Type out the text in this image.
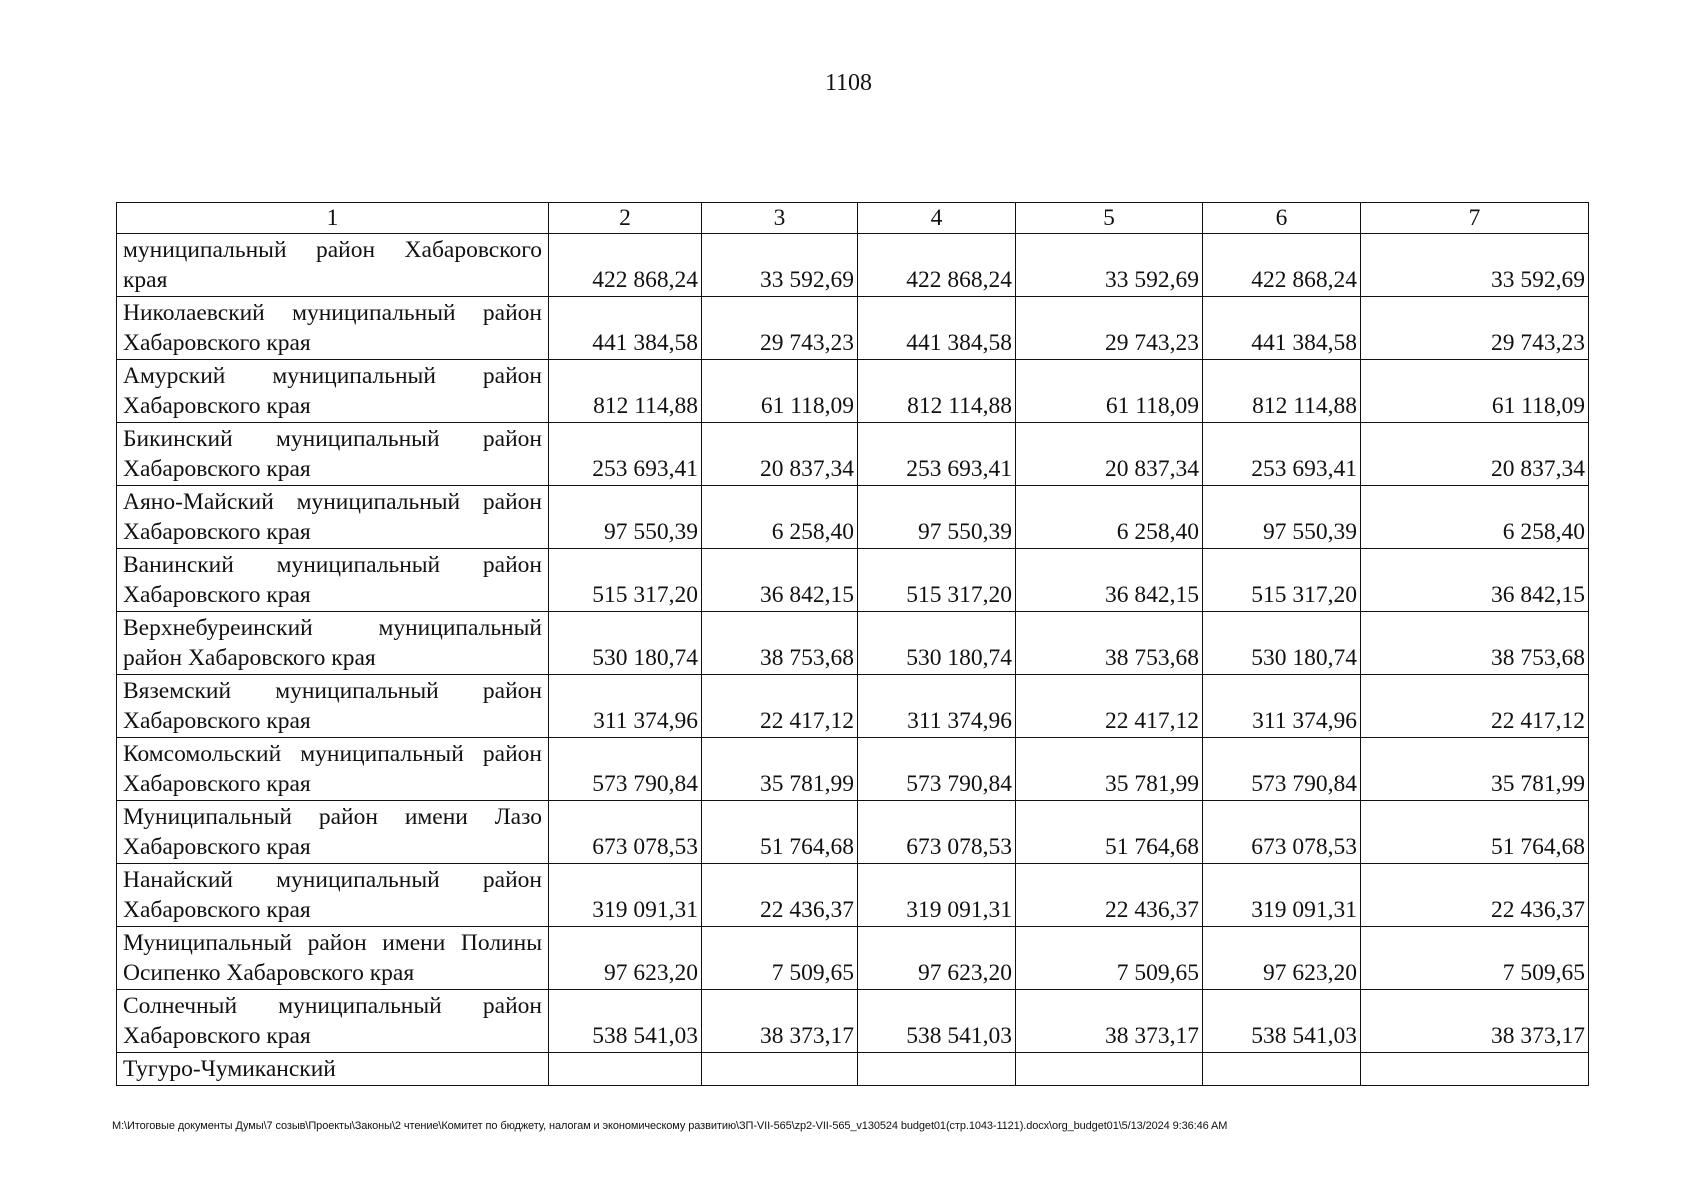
1108
1	2	3	4	5	6	7
муниципальный район Хабаровского края	422 868,24	33 592,69	422 868,24	33 592,69	422 868,24	33 592,69
Николаевский муниципальный район Хабаровского края	441 384,58	29 743,23	441 384,58	29 743,23	441 384,58	29 743,23
Амурский муниципальный район Хабаровского края	812 114,88	61 118,09	812 114,88	61 118,09	812 114,88	61 118,09
Бикинский муниципальный район Хабаровского края	253 693,41	20 837,34	253 693,41	20 837,34	253 693,41	20 837,34
Аяно-Майский муниципальный район Хабаровского края	97 550,39	6 258,40	97 550,39	6 258,40	97 550,39	6 258,40
Ванинский муниципальный район Хабаровского края	515 317,20	36 842,15	515 317,20	36 842,15	515 317,20	36 842,15
Верхнебуреинский муниципальный район Хабаровского края	530 180,74	38 753,68	530 180,74	38 753,68	530 180,74	38 753,68
Вяземский муниципальный район Хабаровского края	311 374,96	22 417,12	311 374,96	22 417,12	311 374,96	22 417,12
Комсомольский муниципальный район Хабаровского края	573 790,84	35 781,99	573 790,84	35 781,99	573 790,84	35 781,99
Муниципальный район имени Лазо Хабаровского края	673 078,53	51 764,68	673 078,53	51 764,68	673 078,53	51 764,68
Нанайский муниципальный район Хабаровского края	319 091,31	22 436,37	319 091,31	22 436,37	319 091,31	22 436,37
Муниципальный район имени Полины Осипенко Хабаровского края	97 623,20	7 509,65	97 623,20	7 509,65	97 623,20	7 509,65
Солнечный муниципальный район Хабаровского края	538 541,03	38 373,17	538 541,03	38 373,17	538 541,03	38 373,17
Тугуро-Чумиканский						
M:\Итоговые документы Думы\7 созыв\Проекты\Законы\2 чтение\Комитет по бюджету, налогам и экономическому развитию\ЗП-VII-565\zp2-VII-565_v130524 budget01(стр.1043-1121).docx\org_budget01\5/13/2024 9:36:46 AM
